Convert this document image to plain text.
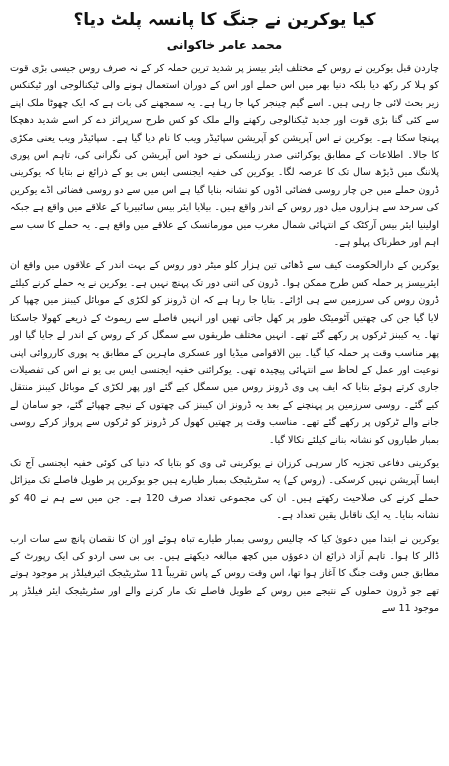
کیا یوکرین نے جنگ کا پانسہ پلٹ دیا؟
محمد عامر خاکوانی

چاردن قبل یوکرین نے روس کے مختلف ایئر بیسز پر شدید ترین حملہ کر کے نہ صرف روس جیسی بڑی قوت کو ہلا کر رکھ دیا بلکہ دنیا بھر میں اس حملے اور اس کے دوران استعمال ہونے والی ٹیکنالوجی اور ٹیکنکس زیر بحث لائی جا رہی ہیں۔ اسے گیم چینجر کہا جا رہا ہے۔ یہ سمجھنے کی بات ہے کہ ایک چھوٹا ملک اپنے سے کئی گنا بڑی قوت اور جدید ٹیکنالوجی رکھنے والے ملک کو کس طرح سرپرائز دے کر اسے شدید دھچکا پہنچا سکتا ہے۔ یوکرین نے اس آپریشن کو آپریشن سپائیڈر ویب کا نام دیا گیا ہے۔ سپائیڈر ویب یعنی مکڑی کا جالا۔ اطلاعات کے مطابق یوکرائنی صدر زیلنسکی نے خود اس آپریشن کی نگرانی کی، تاہم اس پوری پلاننگ میں ڈیڑھ سال تک کا عرصہ لگا۔ یوکرین کی خفیہ ایجنسی ایس بی یو کے ذرائع نے بتایا کہ یوکرینی ڈرون حملے میں جن چار روسی فضائی اڈوں کو نشانہ بنایا گیا ہے اس میں سے دو روسی فضائی اڈے یوکرین کی سرحد سے ہزاروں میل دور روس کے اندر واقع ہیں۔ بیلایا ایئر بیس سائبیریا کے علاقے میں واقع ہے جبکہ اولینیا ایئر بیس آرکٹک کے انتہائی شمال مغرب میں مورمانسک کے علاقے میں واقع ہے۔ یہ حملے کا سب سے اہم اور خطرناک پہلو ہے۔

یوکرین کے دارالحکومت کیف سے ڈھائی تین ہزار کلو میٹر دور روس کے بہت اندر کے علاقوں میں واقع ان ایئربیسز پر حملہ کس طرح ممکن ہوا۔ ڈرون کی اتنی دور تک پہنچ نہیں ہے۔ یوکرین نے یہ حملے کرنے کیلئے ڈرون روس کی سرزمین سے ہی اڑائے۔ بتایا جا رہا ہے کہ ان ڈرونز کو لکڑی کے موبائل کیبنز میں چھپا کر لایا گیا جن کی چھتیں آٹومیٹک طور پر کھل جاتی تھیں اور انہیں فاصلے سے ریموٹ کے ذریعے کھولا جاسکتا تھا۔ یہ کیبنز ٹرکوں پر رکھے گئے تھے۔ انہیں مختلف طریقوں سے سمگل کر کے روس کے اندر لے جایا گیا اور پھر مناسب وقت پر حملہ کیا گیا۔ بین الاقوامی میڈیا اور عسکری ماہرین کے مطابق یہ پوری کارروائی اپنی نوعیت اور عمل کے لحاظ سے انتہائی پیچیدہ تھی۔ یوکرائنی خفیہ ایجنسی ایس بی یو نے اس کی تفصیلات جاری کرتے ہوئے بتایا کہ ایف پی وی ڈرونز روس میں سمگل کیے گئے اور پھر لکڑی کے موبائل کیبنز منتقل کیے گئے۔ روسی سرزمین پر پہنچنے کے بعد یہ ڈرونز ان کیبنز کی چھتوں کے نیچے چھپائے گئے، جو سامان لے جانے والے ٹرکوں پر رکھے گئے تھے۔ مناسب وقت پر چھتیں کھول کر ڈرونز کو ٹرکوں سے پرواز کرکے روسی بمبار طیاروں کو نشانہ بنانے کیلئے نکالا گیا۔

یوکرینی دفاعی تجزیہ کار سرہی کرزان نے یوکرینی ٹی وی کو بتایا کہ دنیا کی کوئی خفیہ ایجنسی آج تک ایسا آپریشن نہیں کرسکی۔ (روس کے) یہ سٹریٹیجک بمبار طیارے ہیں جو یوکرین پر طویل فاصلے تک میزائل حملے کرنے کی صلاحیت رکھتے ہیں۔ ان کی مجموعی تعداد صرف 120 ہے۔ جن میں سے ہم نے 40 کو نشانہ بنایا۔ یہ ایک ناقابل یقین تعداد ہے۔

یوکرین نے ابتدا میں دعویٰ کیا کہ چالیس روسی بمبار طیارے تباہ ہوئے اور ان کا نقصان پانچ سے سات ارب ڈالر کا ہوا۔ تاہم آزاد ذرائع ان دعوؤں میں کچھ مبالغہ دیکھتے ہیں۔ بی بی سی اردو کی ایک رپورٹ کے مطابق جس وقت جنگ کا آغاز ہوا تھا، اس وقت روس کے پاس تقریباً 11 سٹریٹیجک ائیرفیلڈز پر موجود ہوتے تھے جو ڈرون حملوں کے نتیجے میں روس کے طویل فاصلے تک مار کرنے والے اور سٹریٹیجک ایئر فیلڈز پر موجود 11 سے
